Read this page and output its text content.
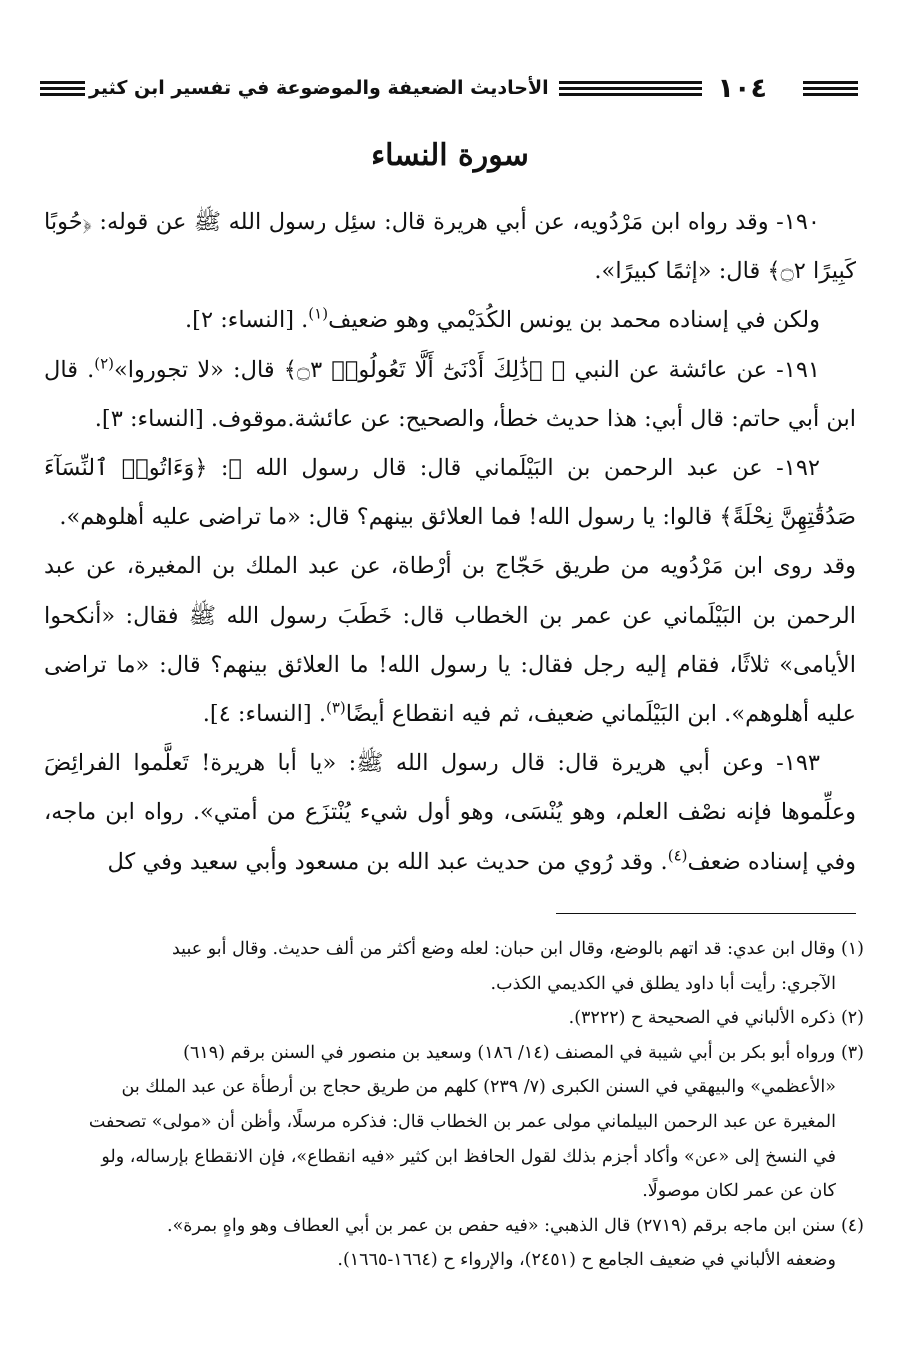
١٠٤
الأحاديث الضعيفة والموضوعة في تفسير ابن كثير
سورة النساء

١٩٠- وقد رواه ابن مَرْدُويه، عن أبي هريرة قال: سئِل رسول الله ﷺ عن قوله: ﴿حُوبًا كَبِيرًا ۝٢﴾ قال: «إثمًا كبيرًا».

ولكن في إسناده محمد بن يونس الكُدَيْمي وهو ضعيف$^{(١)}$. [النساء: ٢].

١٩١- عن عائشة عن النبي ﷺ ﴿ذَٰلِكَ أَدْنَىٰٓ أَلَّا تَعُولُوا۟ ۝٣﴾ قال: «لا تجوروا»$^{(٢)}$. قال ابن أبي حاتم: قال أبي: هذا حديث خطأ، والصحيح: عن عائشة.موقوف. [النساء: ٣].

١٩٢- عن عبد الرحمن بن البَيْلَماني قال: قال رسول الله ﷺ: ﴿وَءَاتُوا۟ ٱلنِّسَآءَ صَدُقَٰتِهِنَّ نِحْلَةً﴾ قالوا: يا رسول الله! فما العلائق بينهم؟ قال: «ما تراضى عليه أهلوهم».

وقد روى ابن مَرْدُويه من طريق حَجّاج بن أرْطاة، عن عبد الملك بن المغيرة، عن عبد الرحمن بن البَيْلَماني عن عمر بن الخطاب قال: خَطَبَ رسول الله ﷺ فقال: «أنكحوا الأيامى» ثلاثًا، فقام إليه رجل فقال: يا رسول الله! ما العلائق بينهم؟ قال: «ما تراضى عليه أهلوهم». ابن البَيْلَماني ضعيف، ثم فيه انقطاع أيضًا$^{(٣)}$. [النساء: ٤].

١٩٣- وعن أبي هريرة قال: قال رسول الله ﷺ: «يا أبا هريرة! تَعلَّموا الفرائِضَ وعلِّموها فإنه نصْف العلم، وهو يُنْسَى، وهو أول شيء يُنْتزَع من أمتي». رواه ابن ماجه، وفي إسناده ضعف$^{(٤)}$. وقد رُوي من حديث عبد الله بن مسعود وأبي سعيد وفي كل

(١) وقال ابن عدي: قد اتهم بالوضع، وقال ابن حبان: لعله وضع أكثر من ألف حديث. وقال أبو عبيد
الآجري: رأيت أبا داود يطلق في الكديمي الكذب.

(٢) ذكره الألباني في الصحيحة ح (٣٢٢٢).

(٣) ورواه أبو بكر بن أبي شيبة في المصنف (١٤/ ١٨٦) وسعيد بن منصور في السنن برقم (٦١٩)
«الأعظمي» والبيهقي في السنن الكبرى (٧/ ٢٣٩) كلهم من طريق حجاج بن أرطأة عن عبد الملك بن
المغيرة عن عبد الرحمن البيلماني مولى عمر بن الخطاب قال: فذكره مرسلًا، وأظن أن «مولى» تصحفت
في النسخ إلى «عن» وأكاد أجزم بذلك لقول الحافظ ابن كثير «فيه انقطاع»، فإن الانقطاع بإرساله، ولو
كان عن عمر لكان موصولًا.

(٤) سنن ابن ماجه برقم (٢٧١٩) قال الذهبي: «فيه حفص بن عمر بن أبي العطاف وهو واهٍ بمرة».
وضعفه الألباني في ضعيف الجامع ح (٢٤٥١)، والإرواء ح (١٦٦٤-١٦٦٥).
